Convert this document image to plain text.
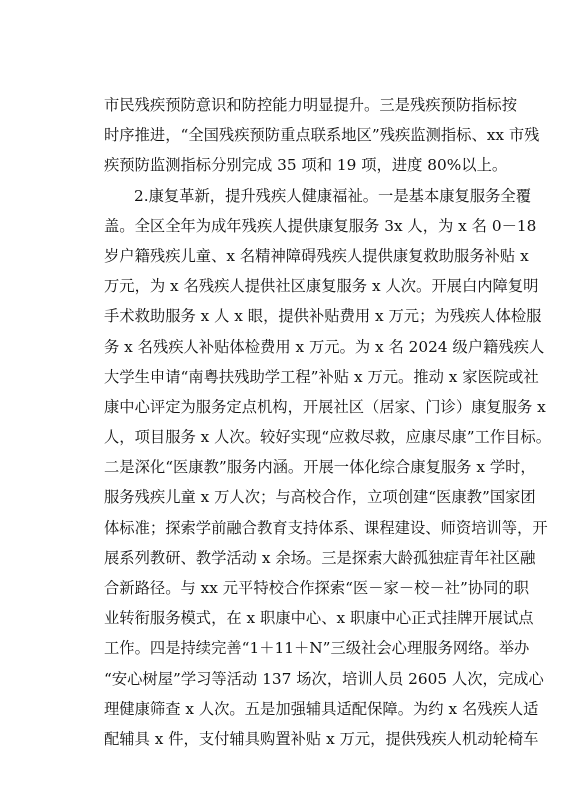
市民残疾预防意识和防控能力明显提升。三是残疾预防指标按
时序推进，“全国残疾预防重点联系地区”残疾监测指标、xx 市残
疾预防监测指标分别完成 35 项和 19 项，进度 80%以上。
2.康复革新，提升残疾人健康福祉。一是基本康复服务全覆
盖。全区全年为成年残疾人提供康复服务 3x 人，为 x 名 0－18
岁户籍残疾儿童、x 名精神障碍残疾人提供康复救助服务补贴 x
万元，为 x 名残疾人提供社区康复服务 x 人次。开展白内障复明
手术救助服务 x 人 x 眼，提供补贴费用 x 万元；为残疾人体检服
务 x 名残疾人补贴体检费用 x 万元。为 x 名 2024 级户籍残疾人
大学生申请“南粤扶残助学工程”补贴 x 万元。推动 x 家医院或社
康中心评定为服务定点机构，开展社区（居家、门诊）康复服务 x
人，项目服务 x 人次。较好实现“应救尽救，应康尽康”工作目标。
二是深化“医康教”服务内涵。开展一体化综合康复服务 x 学时，
服务残疾儿童 x 万人次；与高校合作，立项创建“医康教”国家团
体标准；探索学前融合教育支持体系、课程建设、师资培训等，开
展系列教研、教学活动 x 余场。三是探索大龄孤独症青年社区融
合新路径。与 xx 元平特校合作探索“医－家－校－社”协同的职
业转衔服务模式，在 x 职康中心、x 职康中心正式挂牌开展试点
工作。四是持续完善“1＋11＋N”三级社会心理服务网络。举办
“安心树屋”学习等活动 137 场次，培训人员 2605 人次，完成心
理健康筛查 x 人次。五是加强辅具适配保障。为约 x 名残疾人适
配辅具 x 件，支付辅具购置补贴 x 万元，提供残疾人机动轮椅车
